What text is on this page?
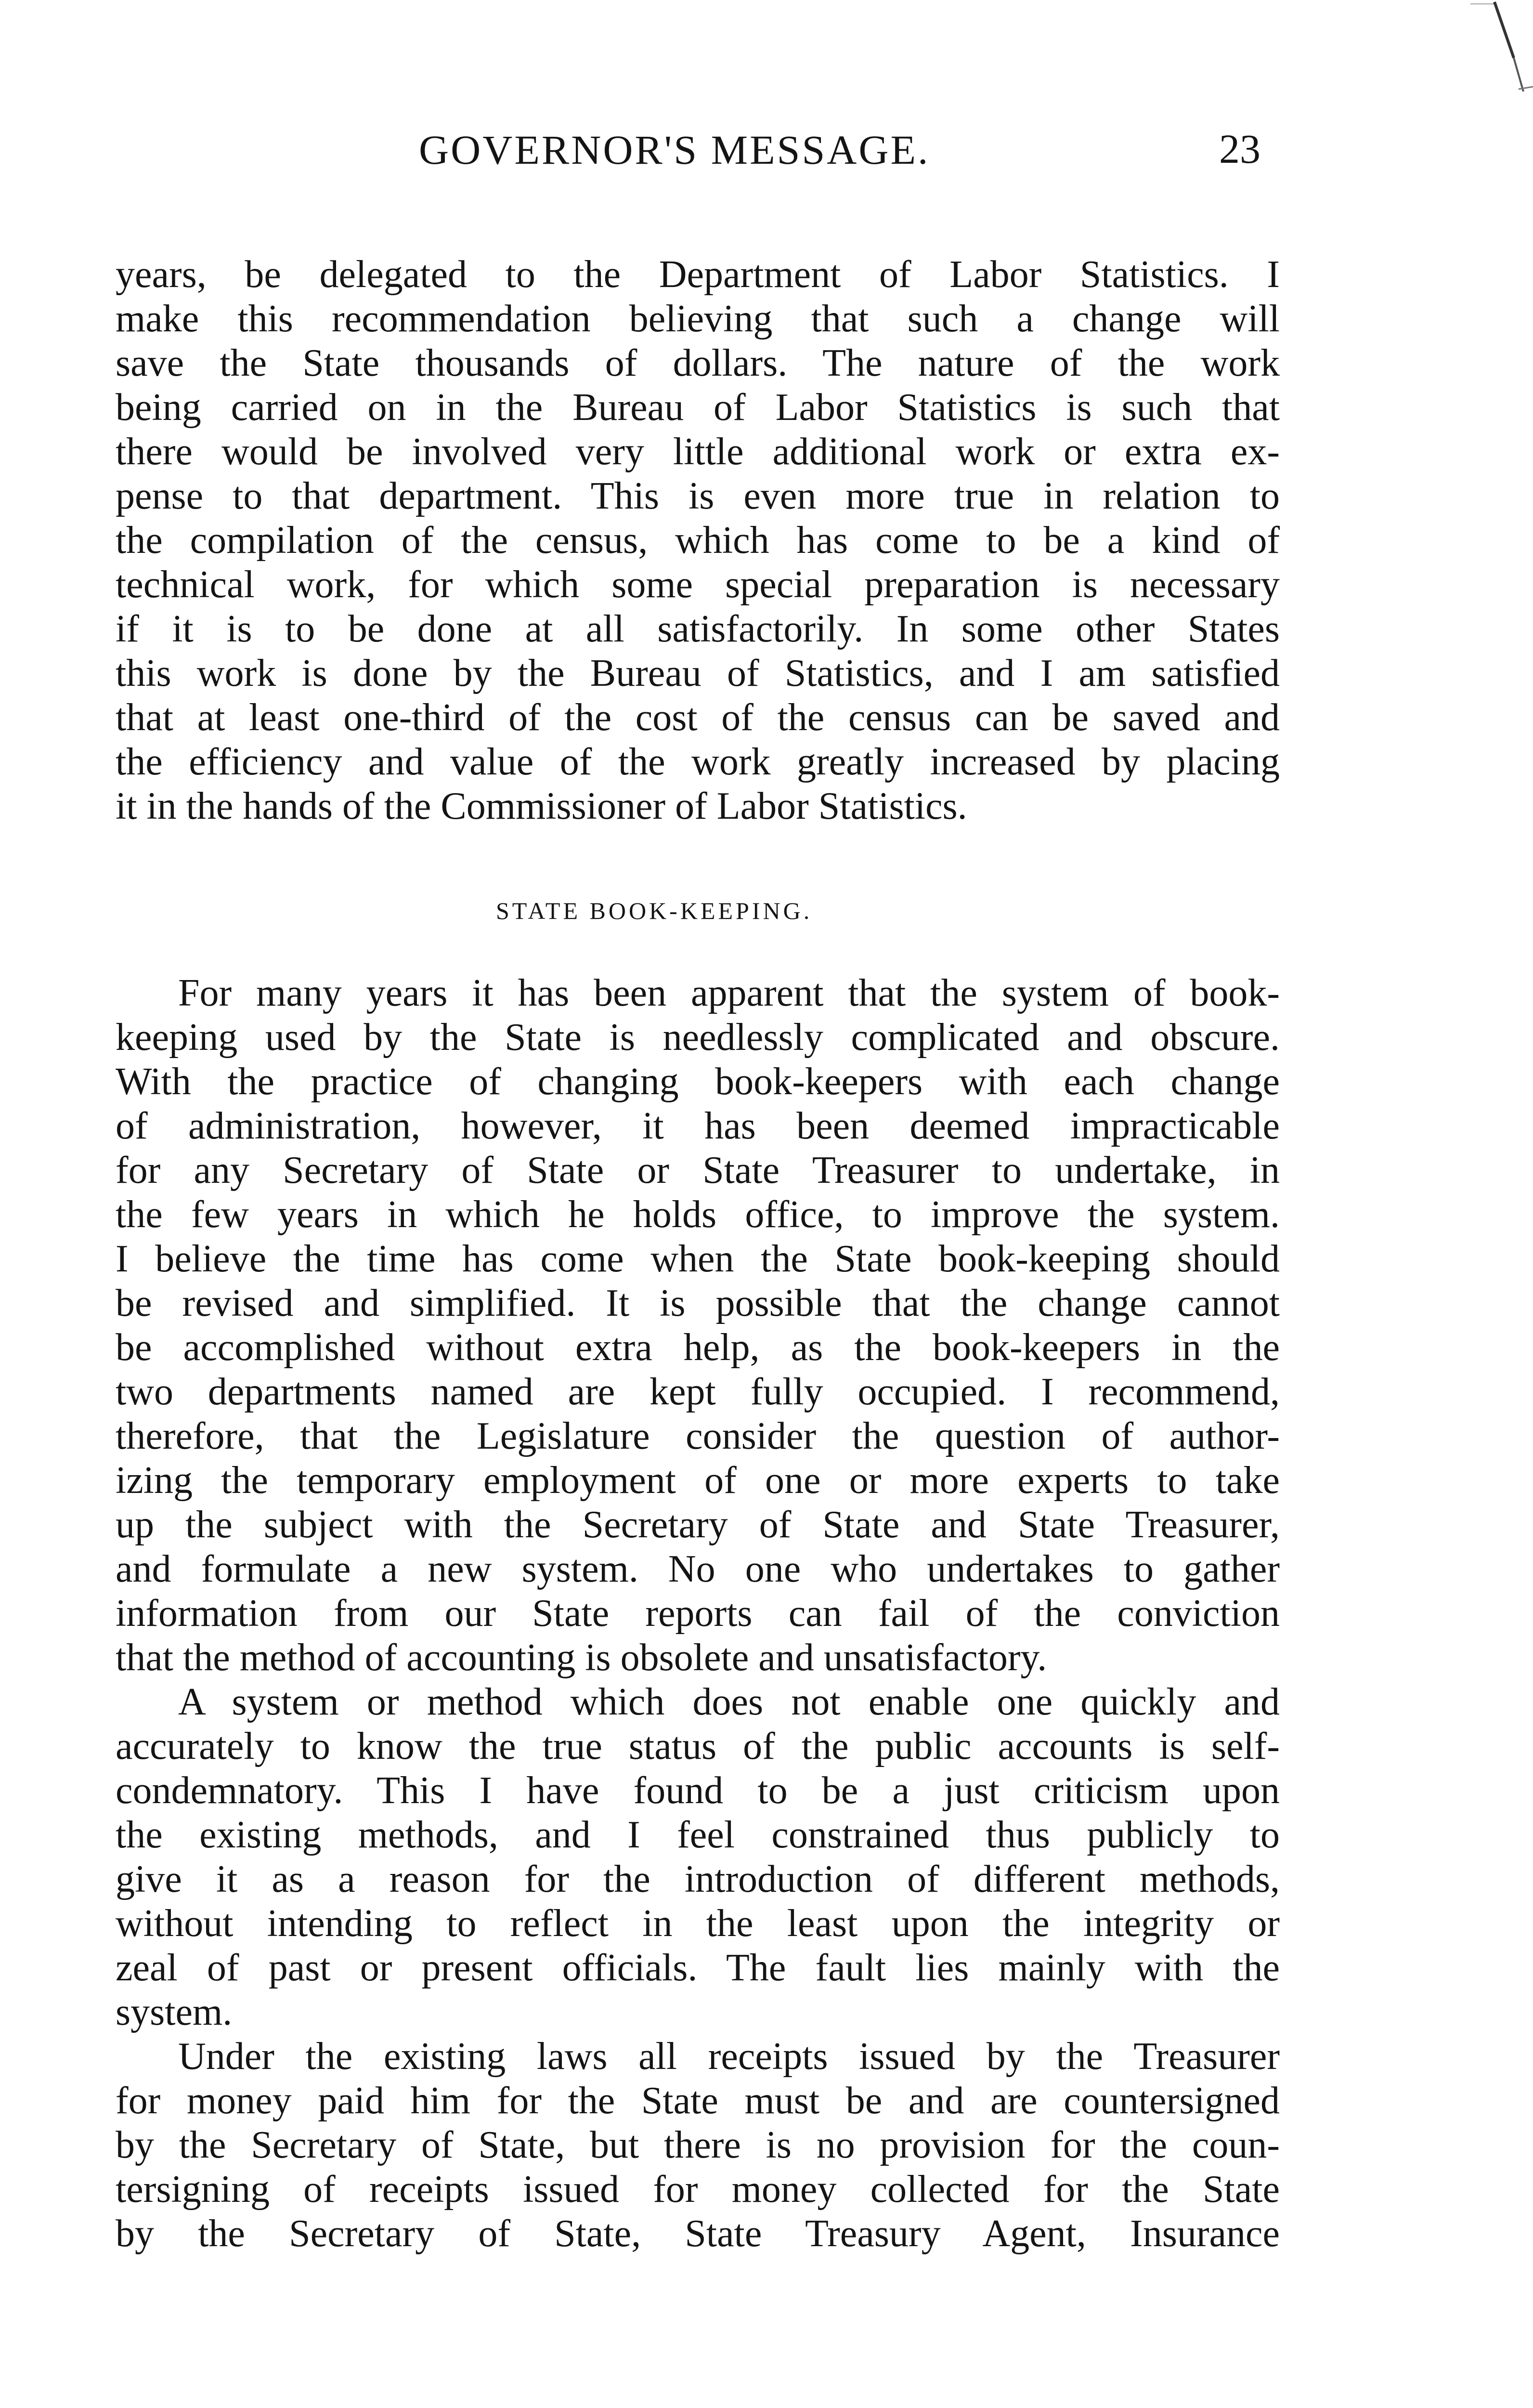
GOVERNOR'S MESSAGE.	23
years, be delegated to the Department of Labor Statistics. I
make this recommendation believing that such a change will
save the State thousands of dollars. The nature of the work
being carried on in the Bureau of Labor Statistics is such that
there would be involved very little additional work or extra ex-
pense to that department. This is even more true in relation to
the compilation of the census, which has come to be a kind of
technical work, for which some special preparation is necessary
if it is to be done at all satisfactorily. In some other States
this work is done by the Bureau of Statistics, and I am satisfied
that at least one-third of the cost of the census can be saved and
the efficiency and value of the work greatly increased by placing
it in the hands of the Commissioner of Labor Statistics.
STATE BOOK-KEEPING.
For many years it has been apparent that the system of book-
keeping used by the State is needlessly complicated and obscure.
With the practice of changing book-keepers with each change
of administration, however, it has been deemed impracticable
for any Secretary of State or State Treasurer to undertake, in
the few years in which he holds office, to improve the system.
I believe the time has come when the State book-keeping should
be revised and simplified. It is possible that the change cannot
be accomplished without extra help, as the book-keepers in the
two departments named are kept fully occupied. I recommend,
therefore, that the Legislature consider the question of author-
izing the temporary employment of one or more experts to take
up the subject with the Secretary of State and State Treasurer,
and formulate a new system. No one who undertakes to gather
information from our State reports can fail of the conviction
that the method of accounting is obsolete and unsatisfactory.
A system or method which does not enable one quickly and
accurately to know the true status of the public accounts is self-
condemnatory. This I have found to be a just criticism upon
the existing methods, and I feel constrained thus publicly to
give it as a reason for the introduction of different methods,
without intending to reflect in the least upon the integrity or
zeal of past or present officials. The fault lies mainly with the
system.
Under the existing laws all receipts issued by the Treasurer
for money paid him for the State must be and are countersigned
by the Secretary of State, but there is no provision for the coun-
tersigning of receipts issued for money collected for the State
by the Secretary of State, State Treasury Agent, Insurance
